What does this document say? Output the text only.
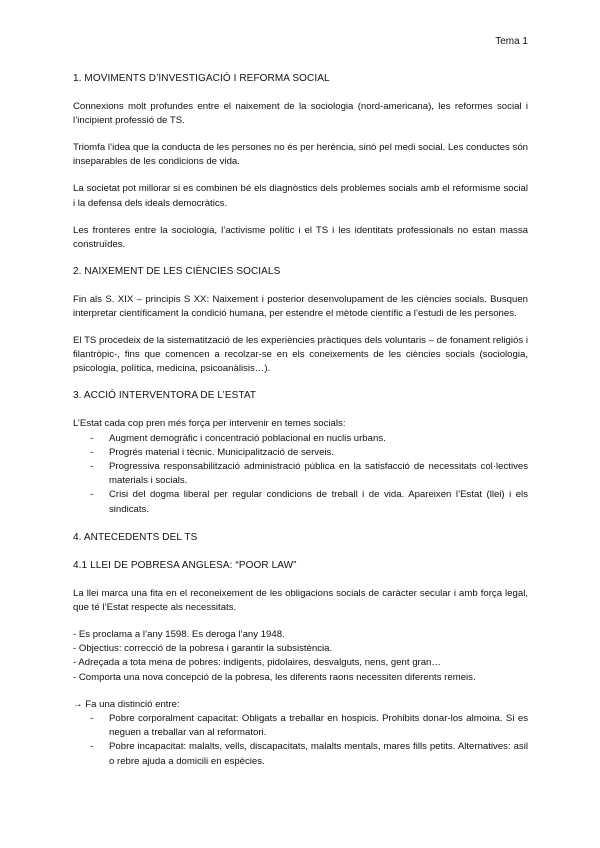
Tema 1
1. MOVIMENTS D’INVESTIGACIÓ I REFORMA SOCIAL

Connexions molt profundes entre el naixement de la sociologia (nord-americana), les reformes social i l’incipient professió de TS.

Triomfa l’idea que la conducta de les persones no és per herència, sinó pel medi social. Les conductes són inseparables de les condicions de vida.

La societat pot millorar si es combinen bé els diagnòstics dels problemes socials amb el reformisme social i la defensa dels ideals democràtics.

Les fronteres entre la sociologia, l’activisme polític i el TS i les identitats professionals no estan massa construïdes.

2. NAIXEMENT DE LES CIÈNCIES SOCIALS

Fin als S. XIX – principis S XX: Naixement i posterior desenvolupament de les ciències socials. Busquen interpretar científicament la condició humana, per estendre el mètode científic a l’estudi de les persones.

El TS procedeix de la sistematització de les experiències pràctiques dels voluntaris – de fonament religiós i filantròpic-, fins que comencen a recolzar-se en els coneixements de les ciències socials (sociologia, psicologia, política, medicina, psicoanàlisis…).

3. ACCIÓ INTERVENTORA DE L’ESTAT
L’Estat cada cop pren més força per intervenir en temes socials:
- Augment demogràfic i concentració poblacional en nuclis urbans.
- Progrés material i tècnic. Municipalització de serveis.
- Progressiva responsabilització administració pública en la satisfacció de necessitats col·lectives materials i socials.
- Crisi del dogma liberal per regular condicions de treball i de vida. Apareixen l’Estat (llei) i els sindicats.
4. ANTECEDENTS DEL TS
4.1 LLEI DE POBRESA ANGLESA: “POOR LAW”

La llei marca una fita en el reconeixement de les obligacions socials de caràcter secular i amb força legal, que té l’Estat respecte als necessitats.

- Es proclama a l’any 1598. Es deroga l’any 1948.
- Objectius: correcció de la pobresa i garantir la subsistència.
- Adreçada a tota mena de pobres: indigents, pidolaires, desvalguts, nens, gent gran…
- Comporta una nova concepció de la pobresa, les diferents raons necessiten diferents remeis.
→ Fa una distinció entre:
- Pobre corporalment capacitat: Obligats a treballar en hospicis. Prohibits donar-los almoina. Si es neguen a treballar van al reformatori.
- Pobre incapacitat: malalts, vells, discapacitats, malalts mentals, mares fills petits. Alternatives: asil o rebre ajuda a domicili en espècies.
